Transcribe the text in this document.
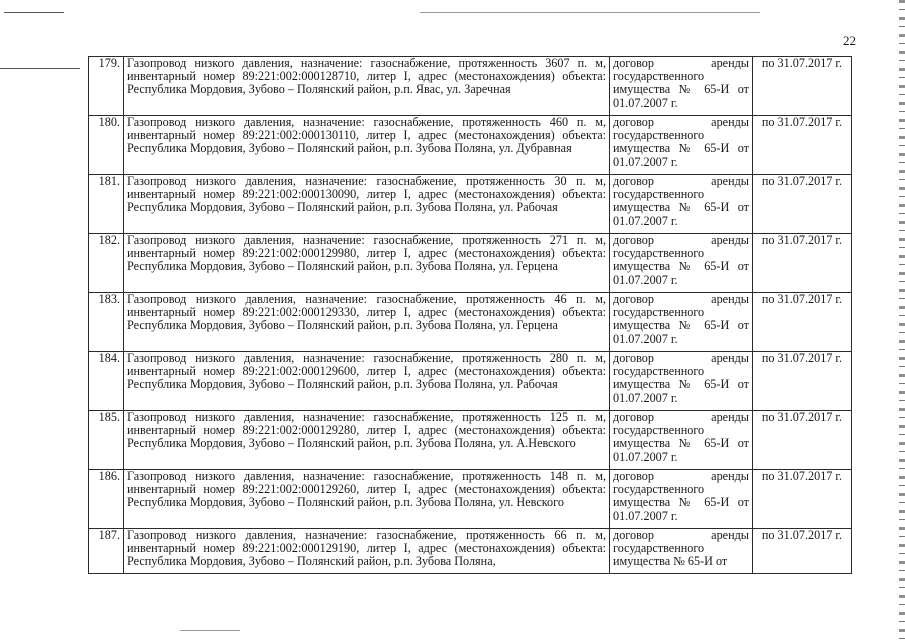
22
179.	Газопровод низкого давления, назначение: газоснабжение, протяженность 3607 п. м, инвентарный номер 89:221:002:000128710, литер I, адрес (местонахождения) объекта: Республика Мордовия, Зубово – Полянский район, р.п. Явас, ул. Заречная	договор аренды государственного имущества № 65-И от 01.07.2007 г.	по 31.07.2017 г.
180.	Газопровод низкого давления, назначение: газоснабжение, протяженность 460 п. м, инвентарный номер 89:221:002:000130110, литер I, адрес (местонахождения) объекта: Республика Мордовия, Зубово – Полянский район, р.п. Зубова Поляна, ул. Дубравная	договор аренды государственного имущества № 65-И от 01.07.2007 г.	по 31.07.2017 г.
181.	Газопровод низкого давления, назначение: газоснабжение, протяженность 30 п. м, инвентарный номер 89:221:002:000130090, литер I, адрес (местонахождения) объекта: Республика Мордовия, Зубово – Полянский район, р.п. Зубова Поляна, ул. Рабочая	договор аренды государственного имущества № 65-И от 01.07.2007 г.	по 31.07.2017 г.
182.	Газопровод низкого давления, назначение: газоснабжение, протяженность 271 п. м, инвентарный номер 89:221:002:000129980, литер I, адрес (местонахождения) объекта: Республика Мордовия, Зубово – Полянский район, р.п. Зубова Поляна, ул. Герцена	договор аренды государственного имущества № 65-И от 01.07.2007 г.	по 31.07.2017 г.
183.	Газопровод низкого давления, назначение: газоснабжение, протяженность 46 п. м, инвентарный номер 89:221:002:000129330, литер I, адрес (местонахождения) объекта: Республика Мордовия, Зубово – Полянский район, р.п. Зубова Поляна, ул. Герцена	договор аренды государственного имущества № 65-И от 01.07.2007 г.	по 31.07.2017 г.
184.	Газопровод низкого давления, назначение: газоснабжение, протяженность 280 п. м, инвентарный номер 89:221:002:000129600, литер I, адрес (местонахождения) объекта: Республика Мордовия, Зубово – Полянский район, р.п. Зубова Поляна, ул. Рабочая	договор аренды государственного имущества № 65-И от 01.07.2007 г.	по 31.07.2017 г.
185.	Газопровод низкого давления, назначение: газоснабжение, протяженность 125 п. м, инвентарный номер 89:221:002:000129280, литер I, адрес (местонахождения) объекта: Республика Мордовия, Зубово – Полянский район, р.п. Зубова Поляна, ул. А.Невского	договор аренды государственного имущества № 65-И от 01.07.2007 г.	по 31.07.2017 г.
186.	Газопровод низкого давления, назначение: газоснабжение, протяженность 148 п. м, инвентарный номер 89:221:002:000129260, литер I, адрес (местонахождения) объекта: Республика Мордовия, Зубово – Полянский район, р.п. Зубова Поляна, ул. Невского	договор аренды государственного имущества № 65-И от 01.07.2007 г.	по 31.07.2017 г.
187.	Газопровод низкого давления, назначение: газоснабжение, протяженность 66 п. м, инвентарный номер 89:221:002:000129190, литер I, адрес (местонахождения) объекта: Республика Мордовия, Зубово – Полянский район, р.п. Зубова Поляна,	договор аренды государственного имущества № 65-И от	по 31.07.2017 г.
